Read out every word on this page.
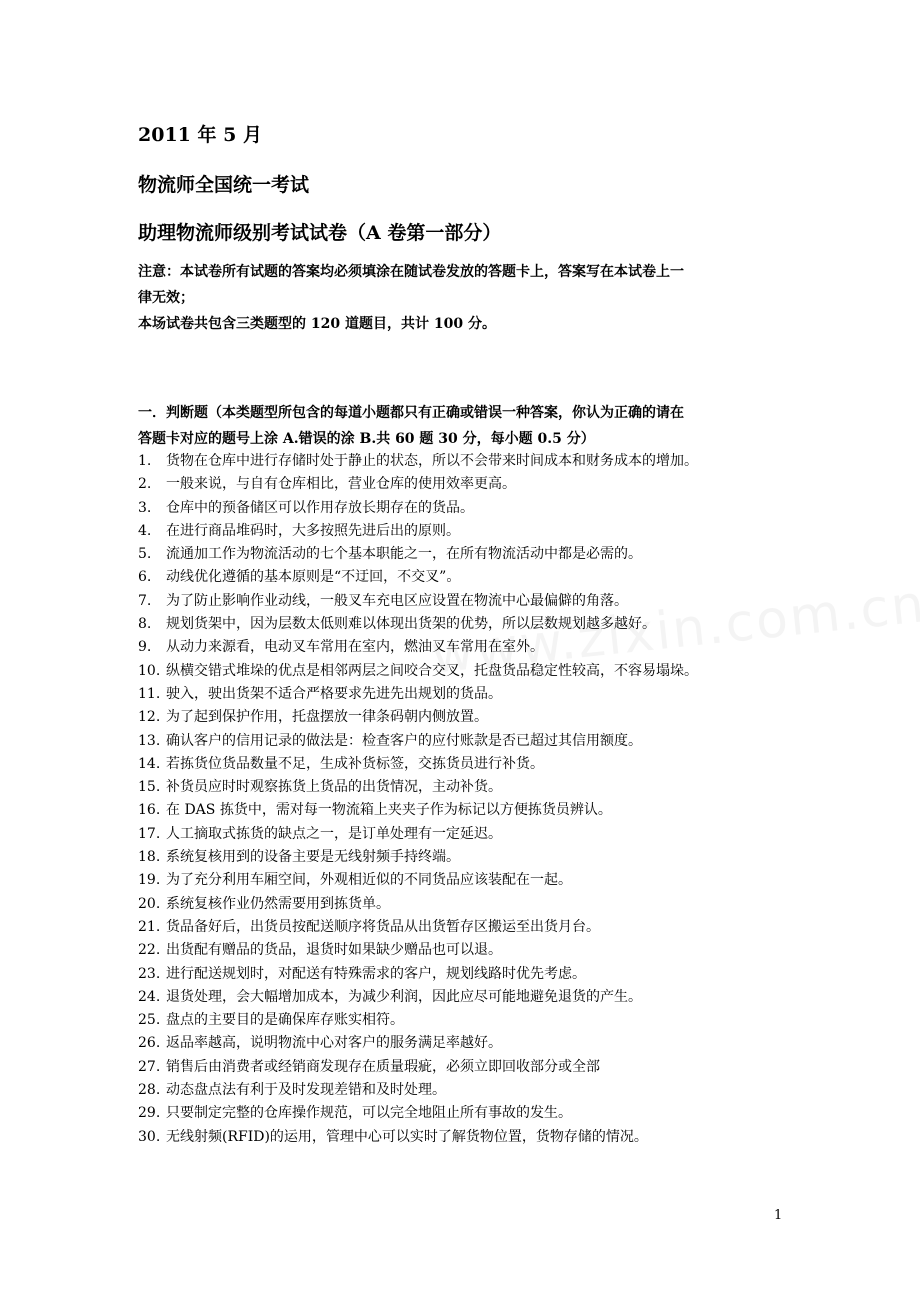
2011 年 5 月
物流师全国统一考试
助理物流师级别考试试卷（A 卷第一部分）
注意：本试卷所有试题的答案均必须填涂在随试卷发放的答题卡上，答案写在本试卷上一
律无效；
本场试卷共包含三类题型的 120 道题目，共计 100 分。
一．判断题（本类题型所包含的每道小题都只有正确或错误一种答案，你认为正确的请在
答题卡对应的题号上涂 A.错误的涂 B.共 60 题 30 分，每小题 0.5 分）
1.	货物在仓库中进行存储时处于静止的状态，所以不会带来时间成本和财务成本的增加。
2.	一般来说，与自有仓库相比，营业仓库的使用效率更高。
3.	仓库中的预备储区可以作用存放长期存在的货品。
4.	在进行商品堆码时，大多按照先进后出的原则。
5.	流通加工作为物流活动的七个基本职能之一，在所有物流活动中都是必需的。
6.	动线优化遵循的基本原则是“不迂回，不交叉”。
7.	为了防止影响作业动线，一般叉车充电区应设置在物流中心最偏僻的角落。
8.	规划货架中，因为层数太低则难以体现出货架的优势，所以层数规划越多越好。
9.	从动力来源看，电动叉车常用在室内，燃油叉车常用在室外。
10. 纵横交错式堆垛的优点是相邻两层之间咬合交叉，托盘货品稳定性较高，不容易塌垛。
11. 驶入，驶出货架不适合严格要求先进先出规划的货品。
12. 为了起到保护作用，托盘摆放一律条码朝内侧放置。
13. 确认客户的信用记录的做法是：检查客户的应付账款是否已超过其信用额度。
14. 若拣货位货品数量不足，生成补货标签，交拣货员进行补货。
15. 补货员应时时观察拣货上货品的出货情况，主动补货。
16. 在 DAS 拣货中，需对每一物流箱上夹夹子作为标记以方便拣货员辨认。
17. 人工摘取式拣货的缺点之一，是订单处理有一定延迟。
18. 系统复核用到的设备主要是无线射频手持终端。
19. 为了充分利用车厢空间，外观相近似的不同货品应该装配在一起。
20. 系统复核作业仍然需要用到拣货单。
21. 货品备好后，出货员按配送顺序将货品从出货暂存区搬运至出货月台。
22. 出货配有赠品的货品，退货时如果缺少赠品也可以退。
23. 进行配送规划时，对配送有特殊需求的客户，规划线路时优先考虑。
24. 退货处理，会大幅增加成本，为减少利润，因此应尽可能地避免退货的产生。
25. 盘点的主要目的是确保库存账实相符。
26. 返品率越高，说明物流中心对客户的服务满足率越好。
27. 销售后由消费者或经销商发现存在质量瑕疵，必须立即回收部分或全部
28. 动态盘点法有利于及时发现差错和及时处理。
29. 只要制定完整的仓库操作规范，可以完全地阻止所有事故的发生。
30. 无线射频(RFID)的运用，管理中心可以实时了解货物位置，货物存储的情况。
1
